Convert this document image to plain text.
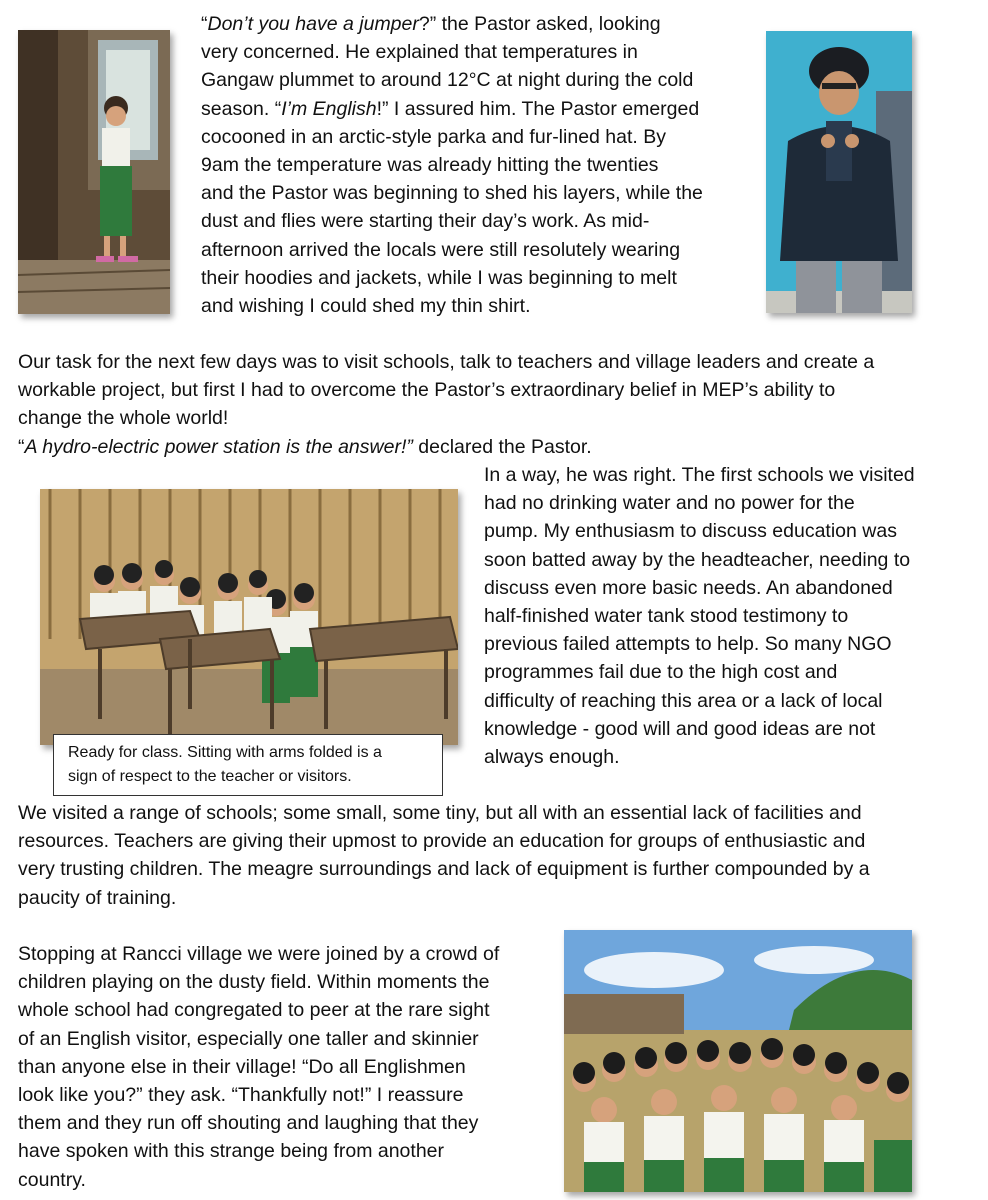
“Don’t you have a jumper?” the Pastor asked, looking
very concerned. He explained that temperatures in
Gangaw plummet to around 12°C at night during the cold
season. “I’m English!” I assured him. The Pastor emerged
cocooned in an arctic-style parka and fur-lined hat. By
9am the temperature was already hitting the twenties
and the Pastor was beginning to shed his layers, while the
dust and flies were starting their day’s work. As mid-
afternoon arrived the locals were still resolutely wearing
their hoodies and jackets, while I was beginning to melt
and wishing I could shed my thin shirt.
Our task for the next few days was to visit schools, talk to teachers and village leaders and create a
workable project, but first I had to overcome the Pastor’s extraordinary belief in MEP’s ability to
change the whole world!
“A hydro-electric power station is the answer!” declared the Pastor.
In a way, he was right. The first schools we visited
had no drinking water and no power for the
pump. My enthusiasm to discuss education was
soon batted away by the headteacher, needing to
discuss even more basic needs. An abandoned
half-finished water tank stood testimony to
previous failed attempts to help. So many NGO
programmes fail due to the high cost and
difficulty of reaching this area or a lack of local
knowledge - good will and good ideas are not
always enough.
Ready for class. Sitting with arms folded is a
sign of respect to the teacher or visitors.
We visited a range of schools; some small, some tiny, but all with an essential lack of facilities and
resources. Teachers are giving their upmost to provide an education for groups of enthusiastic and
very trusting children. The meagre surroundings and lack of equipment is further compounded by a
paucity of training.
Stopping at Rancci village we were joined by a crowd of
children playing on the dusty field. Within moments the
whole school had congregated to peer at the rare sight
of an English visitor, especially one taller and skinnier
than anyone else in their village! “Do all Englishmen
look like you?” they ask. “Thankfully not!” I reassure
them and they run off shouting and laughing that they
have spoken with this strange being from another
country.
